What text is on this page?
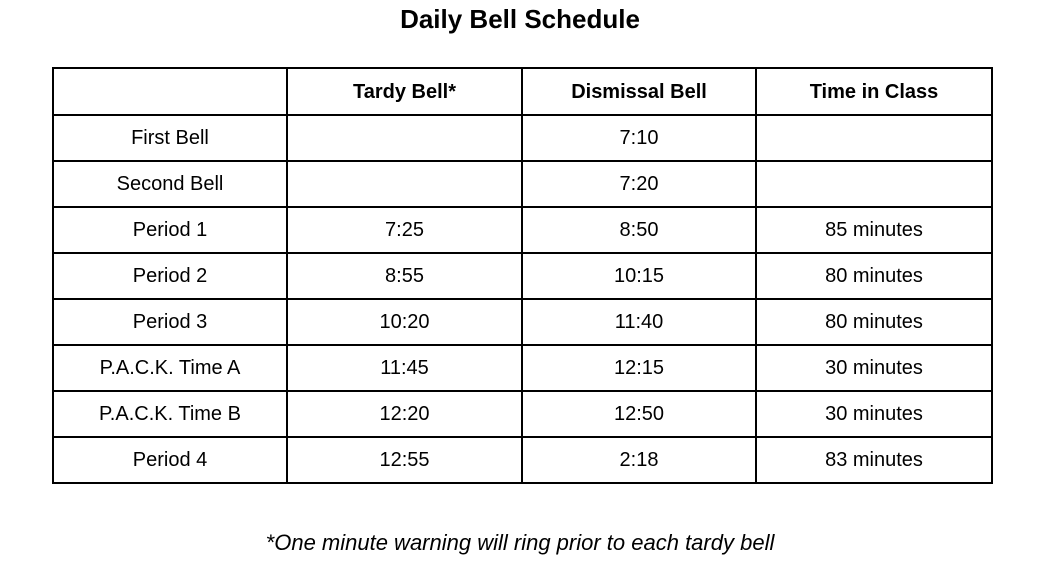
Daily Bell Schedule
	Tardy Bell*	Dismissal Bell	Time in Class
First Bell		7:10	
Second Bell		7:20	
Period 1	7:25	8:50	85 minutes
Period 2	8:55	10:15	80 minutes
Period 3	10:20	11:40	80 minutes
P.A.C.K. Time A	11:45	12:15	30 minutes
P.A.C.K. Time B	12:20	12:50	30 minutes
Period 4	12:55	2:18	83 minutes
*One minute warning will ring prior to each tardy bell
